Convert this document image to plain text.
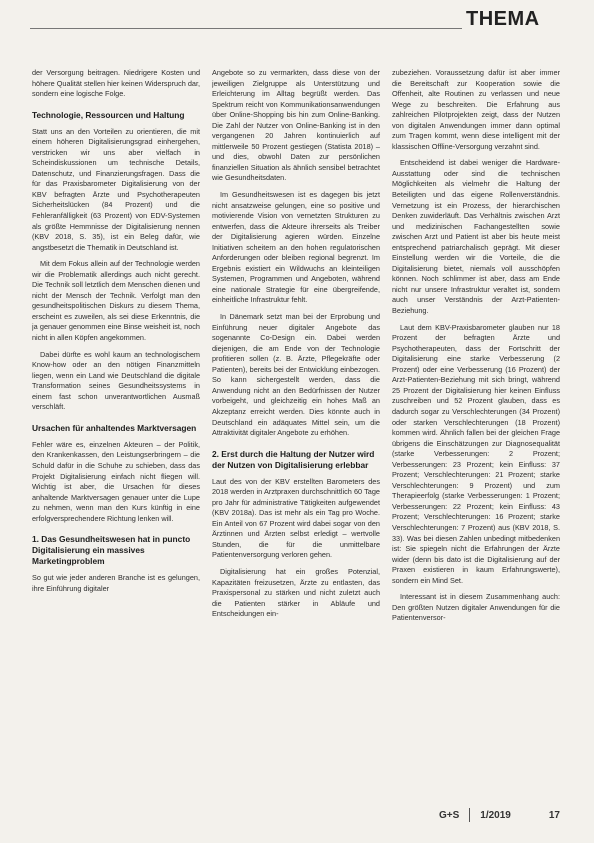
THEMA

der Versorgung beitragen. Niedrigere Kosten und höhere Qualität stellen hier keinen Widerspruch dar, sondern eine logische Folge.

Technologie, Ressourcen und Haltung

Statt uns an den Vorteilen zu orientieren, die mit einem höheren Digitalisierungsgrad einhergehen, verstricken wir uns aber vielfach in Scheindiskussionen um technische Details, Datenschutz, und Finanzierungsfragen. Dass die für das Praxisbarometer Digitalisierung von der KBV befragten Ärzte und Psychotherapeuten Sicherheitslücken (84 Prozent) und die Fehleranfälligkeit (63 Prozent) von EDV-Systemen als größte Hemmnisse der Digitalisierung nennen (KBV 2018, S. 35), ist ein Beleg dafür, wie angstbesetzt die Thematik in Deutschland ist.

Mit dem Fokus allein auf der Technologie werden wir die Problematik allerdings auch nicht gerecht. Die Technik soll letztlich dem Menschen dienen und nicht der Mensch der Technik. Verfolgt man den gesundheitspolitischen Diskurs zu diesem Thema, erscheint es zuweilen, als sei diese Erkenntnis, die ja genauer genommen eine Binse weisheit ist, noch nicht in allen Köpfen angekommen.

Dabei dürfte es wohl kaum an technologischem Know-how oder an den nötigen Finanzmitteln liegen, wenn ein Land wie Deutschland die digitale Transformation seines Gesundheitssystems in einem fast schon unverantwortlichen Ausmaß verschläft.

Ursachen für anhaltendes Marktversagen

Fehler wäre es, einzelnen Akteuren – der Politik, den Krankenkassen, den Leistungserbringern – die Schuld dafür in die Schuhe zu schieben, dass das Projekt Digitalisierung einfach nicht fliegen will. Wichtig ist aber, die Ursachen für dieses anhaltende Marktversagen genauer unter die Lupe zu nehmen, wenn man den Kurs künftig in eine erfolgversprechendere Richtung lenken will.

1. Das Gesundheitswesen hat in puncto Digitalisierung ein massives Marketingproblem

So gut wie jeder anderen Branche ist es gelungen, ihre Einführung digitaler

Angebote so zu vermarkten, dass diese von der jeweiligen Zielgruppe als Unterstützung und Erleichterung im Alltag begrüßt werden. Das Spektrum reicht von Kommunikationsanwendungen über Online-Shopping bis hin zum Online-Banking. Die Zahl der Nutzer von Online-Banking ist in den vergangenen 20 Jahren kontinuierlich auf mittlerweile 50 Prozent gestiegen (Statista 2018) – und dies, obwohl Daten zur persönlichen finanziellen Situation als ähnlich sensibel betrachtet wie Gesundheitsdaten.

Im Gesundheitswesen ist es dagegen bis jetzt nicht ansatzweise gelungen, eine so positive und motivierende Vision von vernetzten Strukturen zu entwerfen, dass die Akteure ihrerseits als Treiber der Digitalisierung agieren würden. Einzelne Initiativen scheitern an den hohen regulatorischen Anforderungen oder bleiben regional begrenzt. Im Ergebnis existiert ein Wildwuchs an kleinteiligen Systemen, Programmen und Angeboten, während eine nationale Strategie für eine übergreifende, einheitliche Infrastruktur fehlt.

In Dänemark setzt man bei der Erprobung und Einführung neuer digitaler Angebote das sogenannte Co-Design ein. Dabei werden diejenigen, die am Ende von der Technologie profitieren sollen (z. B. Ärzte, Pflegekräfte oder Patienten), bereits bei der Entwicklung einbezogen. So kann sichergestellt werden, dass die Anwendung nicht an den Bedürfnissen der Nutzer vorbeigeht, und gleichzeitig ein hohes Maß an Akzeptanz erreicht werden. Dies könnte auch in Deutschland ein adäquates Mittel sein, um die Attraktivität digitaler Angebote zu erhöhen.

2. Erst durch die Haltung der Nutzer wird der Nutzen von Digitalisierung erlebbar

Laut des von der KBV erstellten Barometers des 2018 werden in Arztpraxen durchschnittlich 60 Tage pro Jahr für administrative Tätigkeiten aufgewendet (KBV 2018a). Das ist mehr als ein Tag pro Woche. Ein Anteil von 67 Prozent wird dabei sogar von den Ärztinnen und Ärzten selbst erledigt – wertvolle Stunden, die für die unmittelbare Patientenversorgung verloren gehen.

Digitalisierung hat ein großes Potenzial, Kapazitäten freizusetzen, Ärzte zu entlasten, das Praxispersonal zu stärken und nicht zuletzt auch die Patienten stärker in Abläufe und Entscheidungen ein-

zubeziehen. Voraussetzung dafür ist aber immer die Bereitschaft zur Kooperation sowie die Offenheit, alte Routinen zu verlassen und neue Wege zu beschreiten. Die Erfahrung aus zahlreichen Pilotprojekten zeigt, dass der Nutzen von digitalen Anwendungen immer dann optimal zum Tragen kommt, wenn diese intelligent mit der klassischen Offline-Versorgung verzahnt sind.

Entscheidend ist dabei weniger die Hardware-Ausstattung oder sind die technischen Möglichkeiten als vielmehr die Haltung der Beteiligten und das eigene Rollenverständnis. Vernetzung ist ein Prozess, der hierarchischen Denken zuwiderläuft. Das Verhältnis zwischen Arzt und medizinischen Fachangestellten sowie zwischen Arzt und Patient ist aber bis heute meist entsprechend patriarchalisch geprägt. Mit dieser Einstellung werden wir die Vorteile, die die Digitalisierung bietet, niemals voll ausschöpfen können. Noch schlimmer ist aber, dass am Ende nicht nur unsere Infrastruktur veraltet ist, sondern auch unser Verständnis der Arzt-Patienten-Beziehung.

Laut dem KBV-Praxisbarometer glauben nur 18 Prozent der befragten Ärzte und Psychotherapeuten, dass der Fortschritt der Digitalisierung eine starke Verbesserung (2 Prozent) oder eine Verbesserung (16 Prozent) der Arzt-Patienten-Beziehung mit sich bringt, während 25 Prozent der Digitalisierung hier keinen Einfluss zuschreiben und 52 Prozent glauben, dass es dadurch sogar zu Verschlechterungen (34 Prozent) oder starken Verschlechterungen (18 Prozent) kommen wird. Ähnlich fallen bei der gleichen Frage übrigens die Einschätzungen zur Diagnosequalität (starke Verbesserungen: 2 Prozent; Verbesserungen: 23 Prozent; kein Einfluss: 37 Prozent; Verschlechterungen: 21 Prozent; starke Verschlechterungen: 9 Prozent) und zum Therapieerfolg (starke Verbesserungen: 1 Prozent; Verbesserungen: 22 Prozent; kein Einfluss: 43 Prozent; Verschlechterungen: 16 Prozent; starke Verschlechterungen: 7 Prozent) aus (KBV 2018, S. 33). Was bei diesen Zahlen unbedingt mitbedenken ist: Sie spiegeln nicht die Erfahrungen der Ärzte wider (denn bis dato ist die Digitalisierung auf der Praxen existieren in kaum Erfahrungswerte), sondern ein Mind Set.

Interessant ist in diesem Zusammenhang auch: Den größten Nutzen digitaler Anwendungen für die Patientenversor-

G+S 1/2019	17
